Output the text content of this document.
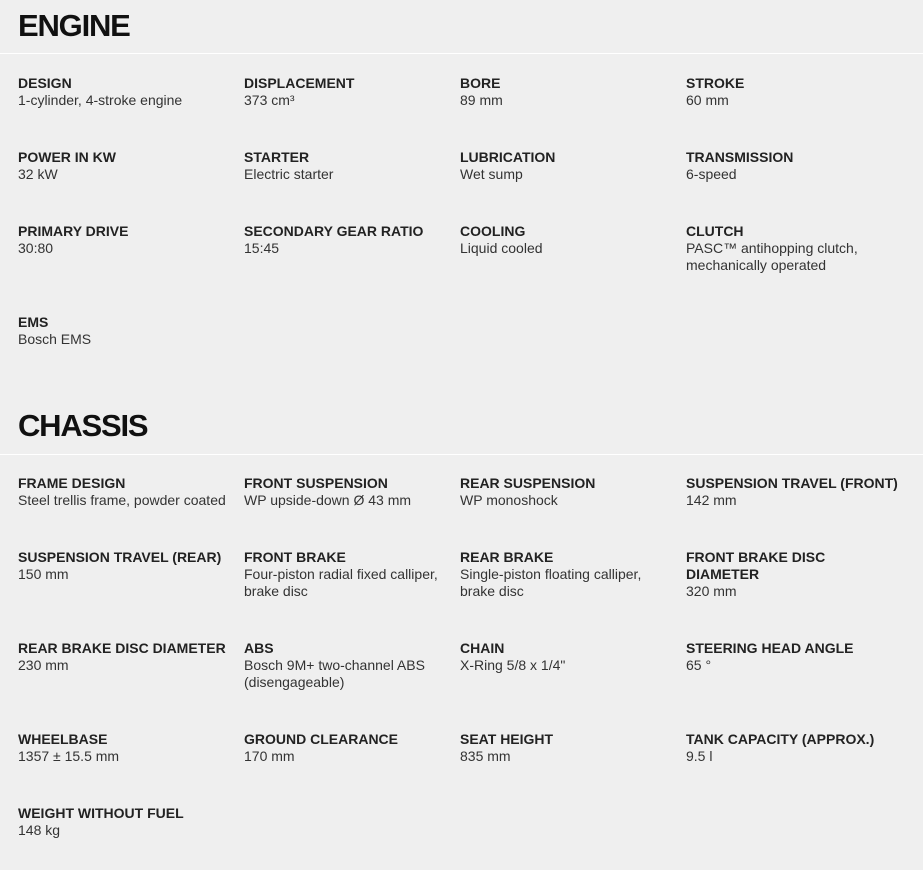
ENGINE
DESIGN
1-cylinder, 4-stroke engine
DISPLACEMENT
373 cm³
BORE
89 mm
STROKE
60 mm
POWER IN KW
32 kW
STARTER
Electric starter
LUBRICATION
Wet sump
TRANSMISSION
6-speed
PRIMARY DRIVE
30:80
SECONDARY GEAR RATIO
15:45
COOLING
Liquid cooled
CLUTCH
PASC™ antihopping clutch, mechanically operated
EMS
Bosch EMS
CHASSIS
FRAME DESIGN
Steel trellis frame, powder coated
FRONT SUSPENSION
WP upside-down Ø 43 mm
REAR SUSPENSION
WP monoshock
SUSPENSION TRAVEL (FRONT)
142 mm
SUSPENSION TRAVEL (REAR)
150 mm
FRONT BRAKE
Four-piston radial fixed calliper, brake disc
REAR BRAKE
Single-piston floating calliper, brake disc
FRONT BRAKE DISC DIAMETER
320 mm
REAR BRAKE DISC DIAMETER
230 mm
ABS
Bosch 9M+ two-channel ABS (disengageable)
CHAIN
X-Ring 5/8 x 1/4"
STEERING HEAD ANGLE
65 °
WHEELBASE
1357 ± 15.5 mm
GROUND CLEARANCE
170 mm
SEAT HEIGHT
835 mm
TANK CAPACITY (APPROX.)
9.5 l
WEIGHT WITHOUT FUEL
148 kg
